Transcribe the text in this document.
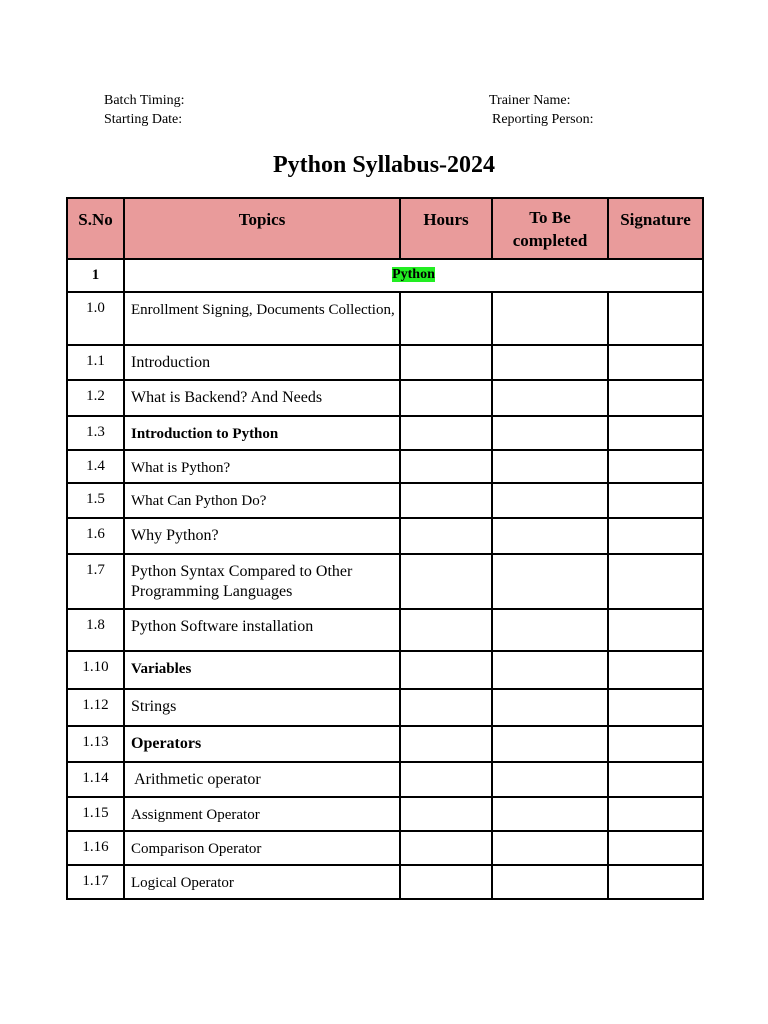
Batch Timing:
Starting Date:
Trainer Name:
Reporting Person:
Python Syllabus-2024
S.No	Topics	Hours	To Be completed	Signature
1	Python			
1.0	Enrollment Signing, Documents Collection,			
1.1	Introduction			
1.2	What is Backend? And Needs			
1.3	Introduction to Python			
1.4	What is Python?			
1.5	What Can Python Do?			
1.6	Why Python?			
1.7	Python Syntax Compared to Other Programming Languages			
1.8	Python Software installation			
1.10	Variables			
1.12	Strings			
1.13	Operators			
1.14	Arithmetic operator			
1.15	Assignment Operator			
1.16	Comparison Operator			
1.17	Logical Operator			
